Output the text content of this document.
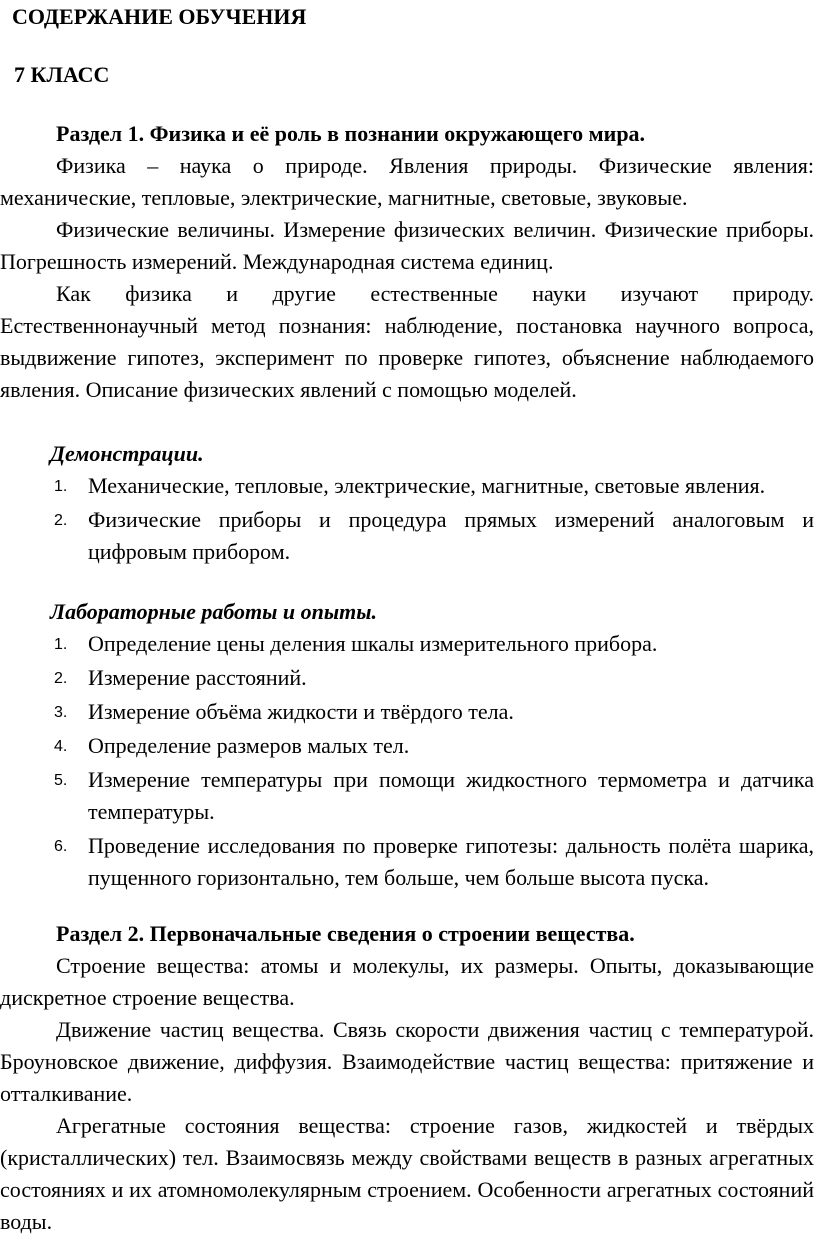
СОДЕРЖАНИЕ ОБУЧЕНИЯ
7 КЛАСС
Раздел 1. Физика и её роль в познании окружающего мира.
Физика – наука о природе. Явления природы. Физические явления: механические, тепловые, электрические, магнитные, световые, звуковые.
Физические величины. Измерение физических величин. Физические приборы. Погрешность измерений. Международная система единиц.
Как физика и другие естественные науки изучают природу. Естественнонаучный метод познания: наблюдение, постановка научного вопроса, выдвижение гипотез, эксперимент по проверке гипотез, объяснение наблюдаемого явления. Описание физических явлений с помощью моделей.
Демонстрации.
1. Механические, тепловые, электрические, магнитные, световые явления.
2. Физические приборы и процедура прямых измерений аналоговым и цифровым прибором.
Лабораторные работы и опыты.
1. Определение цены деления шкалы измерительного прибора.
2. Измерение расстояний.
3. Измерение объёма жидкости и твёрдого тела.
4. Определение размеров малых тел.
5. Измерение температуры при помощи жидкостного термометра и датчика температуры.
6. Проведение исследования по проверке гипотезы: дальность полёта шарика, пущенного горизонтально, тем больше, чем больше высота пуска.
Раздел 2. Первоначальные сведения о строении вещества.
Строение вещества: атомы и молекулы, их размеры. Опыты, доказывающие дискретное строение вещества.
Движение частиц вещества. Связь скорости движения частиц с температурой. Броуновское движение, диффузия. Взаимодействие частиц вещества: притяжение и отталкивание.
Агрегатные состояния вещества: строение газов, жидкостей и твёрдых (кристаллических) тел. Взаимосвязь между свойствами веществ в разных агрегатных состояниях и их атомномолекулярным строением. Особенности агрегатных состояний воды.
